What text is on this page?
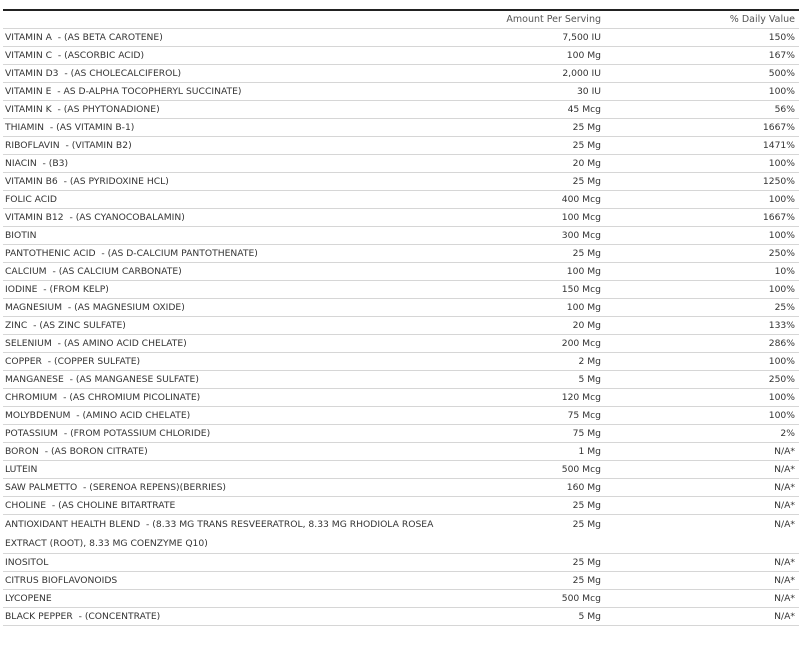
	Amount Per Serving	% Daily Value
VITAMIN A  - (AS BETA CAROTENE)	7,500 IU	150%
VITAMIN C  - (ASCORBIC ACID)	100 Mg	167%
VITAMIN D3  - (AS CHOLECALCIFEROL)	2,000 IU	500%
VITAMIN E  - AS D-ALPHA TOCOPHERYL SUCCINATE)	30 IU	100%
VITAMIN K  - (AS PHYTONADIONE)	45 Mcg	56%
THIAMIN  - (AS VITAMIN B-1)	25 Mg	1667%
RIBOFLAVIN  - (VITAMIN B2)	25 Mg	1471%
NIACIN  - (B3)	20 Mg	100%
VITAMIN B6  - (AS PYRIDOXINE HCL)	25 Mg	1250%
FOLIC ACID	400 Mcg	100%
VITAMIN B12  - (AS CYANOCOBALAMIN)	100 Mcg	1667%
BIOTIN	300 Mcg	100%
PANTOTHENIC ACID  - (AS D-CALCIUM PANTOTHENATE)	25 Mg	250%
CALCIUM  - (AS CALCIUM CARBONATE)	100 Mg	10%
IODINE  - (FROM KELP)	150 Mcg	100%
MAGNESIUM  - (AS MAGNESIUM OXIDE)	100 Mg	25%
ZINC  - (AS ZINC SULFATE)	20 Mg	133%
SELENIUM  - (AS AMINO ACID CHELATE)	200 Mcg	286%
COPPER  - (COPPER SULFATE)	2 Mg	100%
MANGANESE  - (AS MANGANESE SULFATE)	5 Mg	250%
CHROMIUM  - (AS CHROMIUM PICOLINATE)	120 Mcg	100%
MOLYBDENUM  - (AMINO ACID CHELATE)	75 Mcg	100%
POTASSIUM  - (FROM POTASSIUM CHLORIDE)	75 Mg	2%
BORON  - (AS BORON CITRATE)	1 Mg	N/A*
LUTEIN	500 Mcg	N/A*
SAW PALMETTO  - (SERENOA REPENS)(BERRIES)	160 Mg	N/A*
CHOLINE  - (AS CHOLINE BITARTRATE	25 Mg	N/A*
ANTIOXIDANT HEALTH BLEND  - (8.33 MG TRANS RESVEERATROL, 8.33 MG RHODIOLA ROSEA EXTRACT (ROOT), 8.33 MG COENZYME Q10)	25 Mg	N/A*
INOSITOL	25 Mg	N/A*
CITRUS BIOFLAVONOIDS	25 Mg	N/A*
LYCOPENE	500 Mcg	N/A*
BLACK PEPPER  - (CONCENTRATE)	5 Mg	N/A*
